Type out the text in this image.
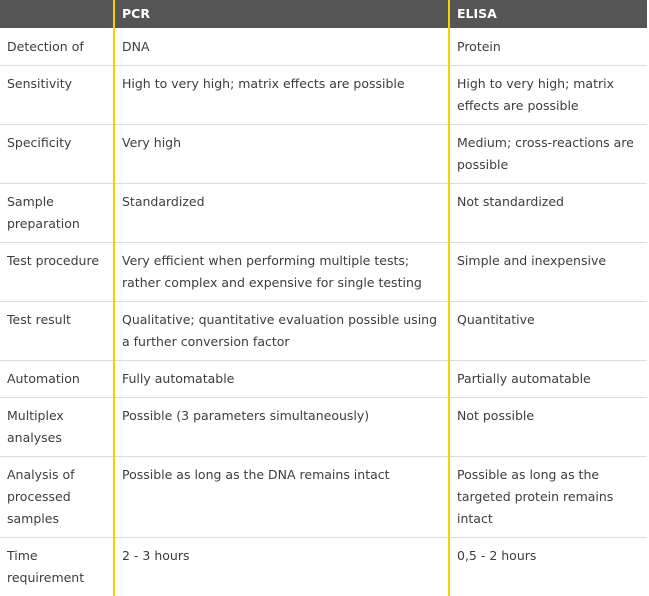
	PCR	ELISA
Detection of	DNA	Protein
Sensitivity	High to very high; matrix effects are possible	High to very high; matrix effects are possible
Specificity	Very high	Medium; cross-reactions are possible
Sample preparation	Standardized	Not standardized
Test procedure	Very efficient when performing multiple tests; rather complex and expensive for single testing	Simple and inexpensive
Test result	Qualitative; quantitative evaluation possible using a further conversion factor	Quantitative
Automation	Fully automatable	Partially automatable
Multiplex analyses	Possible (3 parameters simultaneously)	Not possible
Analysis of processed samples	Possible as long as the DNA remains intact	Possible as long as the targeted protein remains intact
Time requirement	2 - 3 hours	0,5 - 2 hours
